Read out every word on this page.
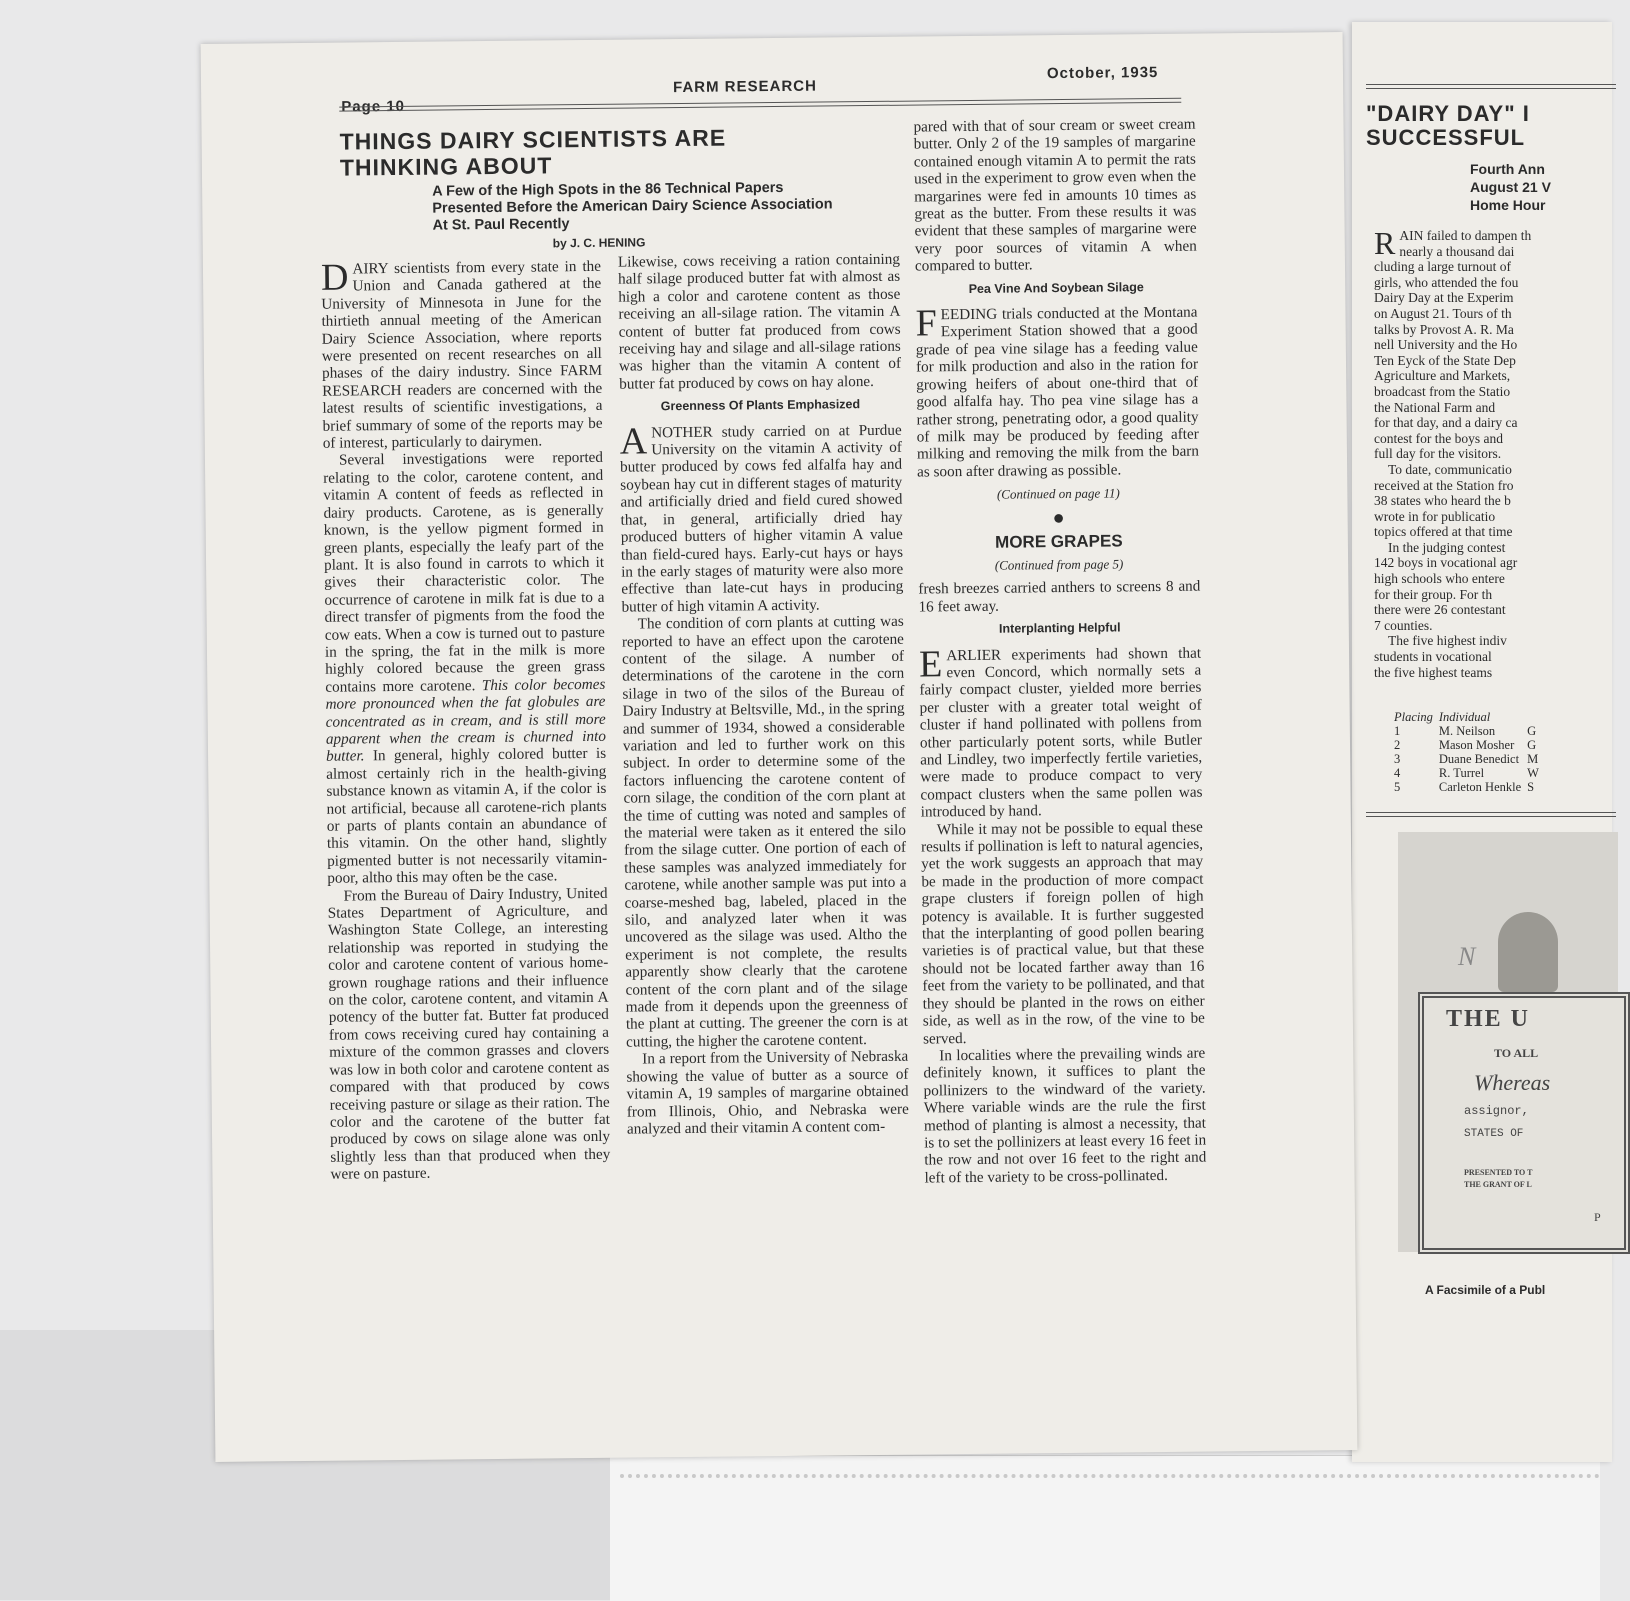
"DAIRY DAY" I
SUCCESSFUL
Fourth Ann
August 21 V
Home Hour
R AIN failed to dampen th
nearly a thousand dai
cluding a large turnout of
girls, who attended the fou
Dairy Day at the Experim
on August 21. Tours of th
talks by Provost A. R. Ma
nell University and the Ho
Ten Eyck of the State Dep
Agriculture and Markets,
broadcast from the Statio
the National Farm and
for that day, and a dairy ca
contest for the boys and
full day for the visitors.
To date, communicatio
received at the Station fro
38 states who heard the b
wrote in for publicatio
topics offered at that time
In the judging contest
142 boys in vocational agr
high schools who entere
for their group. For th
there were 26 contestant
7 counties.
The five highest indiv
students in vocational
the five highest teams
Placing	Individual	
1	M. Neilson	G
2	Mason Mosher	G
3	Duane Benedict	M
4	R. Turrel	W
5	Carleton Henkle	S
N
THE U
TO ALL
Whereas
assignor,
STATES OF
PRESENTED TO T
THE GRANT OF L
P
A Facsimile of a Publ
Page 10
FARM RESEARCH
October, 1935
THINGS DAIRY SCIENTISTS ARE
THINKING ABOUT
A Few of the High Spots in the 86 Technical Papers
Presented Before the American Dairy Science Association
At St. Paul Recently
by J. C. HENING

DAIRY scientists from every state in the Union and Canada gathered at the University of Minnesota in June for the thirtieth annual meeting of the American Dairy Science Association, where reports were presented on recent researches on all phases of the dairy industry. Since FARM RESEARCH readers are concerned with the latest results of scientific investigations, a brief summary of some of the reports may be of interest, particularly to dairymen.

Several investigations were reported relating to the color, carotene content, and vitamin A content of feeds as reflected in dairy products. Carotene, as is generally known, is the yellow pigment formed in green plants, especially the leafy part of the plant. It is also found in carrots to which it gives their characteristic color. The occurrence of carotene in milk fat is due to a direct transfer of pigments from the food the cow eats. When a cow is turned out to pasture in the spring, the fat in the milk is more highly colored because the green grass contains more carotene. This color becomes more pronounced when the fat globules are concentrated as in cream, and is still more apparent when the cream is churned into butter. In general, highly colored butter is almost certainly rich in the health-giving substance known as vitamin A, if the color is not artificial, because all carotene-rich plants or parts of plants contain an abundance of this vitamin. On the other hand, slightly pigmented butter is not necessarily vitamin-poor, altho this may often be the case.

From the Bureau of Dairy Industry, United States Department of Agriculture, and Washington State College, an interesting relationship was reported in studying the color and carotene content of various home-grown roughage rations and their influence on the color, carotene content, and vitamin A potency of the butter fat. Butter fat produced from cows receiving cured hay containing a mixture of the common grasses and clovers was low in both color and carotene content as compared with that produced by cows receiving pasture or silage as their ration. The color and the carotene of the butter fat produced by cows on silage alone was only slightly less than that produced when they were on pasture.

Likewise, cows receiving a ration containing half silage produced butter fat with almost as high a color and carotene content as those receiving an all-silage ration. The vitamin A content of butter fat produced from cows receiving hay and silage and all-silage rations was higher than the vitamin A content of butter fat produced by cows on hay alone.

Greenness Of Plants Emphasized

ANOTHER study carried on at Purdue University on the vitamin A activity of butter produced by cows fed alfalfa hay and soybean hay cut in different stages of maturity and artificially dried and field cured showed that, in general, artificially dried hay produced butters of higher vitamin A value than field-cured hays. Early-cut hays or hays in the early stages of maturity were also more effective than late-cut hays in producing butter of high vitamin A activity.

The condition of corn plants at cutting was reported to have an effect upon the carotene content of the silage. A number of determinations of the carotene in the corn silage in two of the silos of the Bureau of Dairy Industry at Beltsville, Md., in the spring and summer of 1934, showed a considerable variation and led to further work on this subject. In order to determine some of the factors influencing the carotene content of corn silage, the condition of the corn plant at the time of cutting was noted and samples of the material were taken as it entered the silo from the silage cutter. One portion of each of these samples was analyzed immediately for carotene, while another sample was put into a coarse-meshed bag, labeled, placed in the silo, and analyzed later when it was uncovered as the silage was used. Altho the experiment is not complete, the results apparently show clearly that the carotene content of the corn plant and of the silage made from it depends upon the greenness of the plant at cutting. The greener the corn is at cutting, the higher the carotene content.

In a report from the University of Nebraska showing the value of butter as a source of vitamin A, 19 samples of margarine obtained from Illinois, Ohio, and Nebraska were analyzed and their vitamin A content com-

pared with that of sour cream or sweet cream butter. Only 2 of the 19 samples of margarine contained enough vitamin A to permit the rats used in the experiment to grow even when the margarines were fed in amounts 10 times as great as the butter. From these results it was evident that these samples of margarine were very poor sources of vitamin A when compared to butter.

Pea Vine And Soybean Silage

FEEDING trials conducted at the Montana Experiment Station showed that a good grade of pea vine silage has a feeding value for milk production and also in the ration for growing heifers of about one-third that of good alfalfa hay. Tho pea vine silage has a rather strong, penetrating odor, a good quality of milk may be produced by feeding after milking and removing the milk from the barn as soon after drawing as possible.

(Continued on page 11)
●
MORE GRAPES
(Continued from page 5)

fresh breezes carried anthers to screens 8 and 16 feet away.

Interplanting Helpful

EARLIER experiments had shown that even Concord, which normally sets a fairly compact cluster, yielded more berries per cluster with a greater total weight of cluster if hand pollinated with pollens from other particularly potent sorts, while Butler and Lindley, two imperfectly fertile varieties, were made to produce compact to very compact clusters when the same pollen was introduced by hand.

While it may not be possible to equal these results if pollination is left to natural agencies, yet the work suggests an approach that may be made in the production of more compact grape clusters if foreign pollen of high potency is available. It is further suggested that the interplanting of good pollen bearing varieties is of practical value, but that these should not be located farther away than 16 feet from the variety to be pollinated, and that they should be planted in the rows on either side, as well as in the row, of the vine to be served.

In localities where the prevailing winds are definitely known, it suffices to plant the pollinizers to the windward of the variety. Where variable winds are the rule the first method of planting is almost a necessity, that is to set the pollinizers at least every 16 feet in the row and not over 16 feet to the right and left of the variety to be cross-pollinated.
